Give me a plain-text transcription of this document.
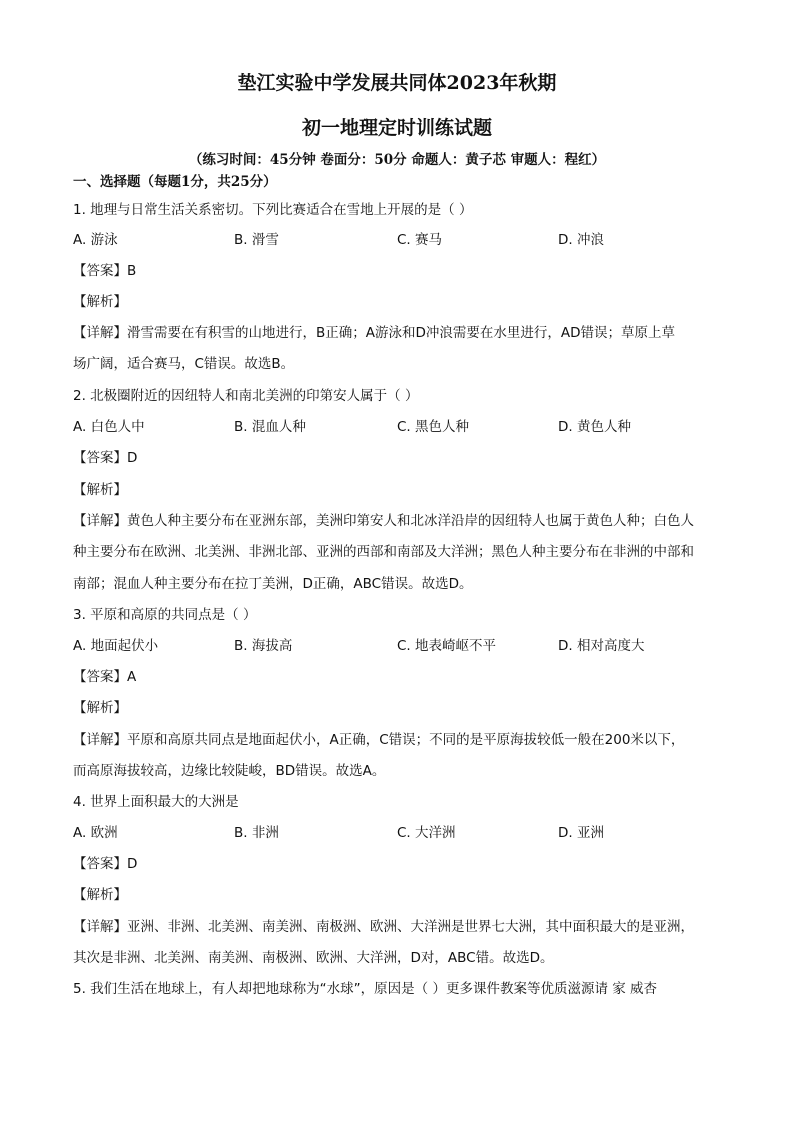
垫江实验中学发展共同体2023年秋期
初一地理定时训练试题
（练习时间：45分钟 卷面分：50分 命题人：黄子芯 审题人：程红）
一、选择题（每题1分，共25分）
1. 地理与日常生活关系密切。下列比赛适合在雪地上开展的是（ ）
A. 游泳	B. 滑雪	C. 赛马	D. 冲浪
【答案】B
【解析】
【详解】滑雪需要在有积雪的山地进行，B正确；A游泳和D冲浪需要在水里进行，AD错误；草原上草
场广阔，适合赛马，C错误。故选B。
2. 北极圈附近的因纽特人和南北美洲的印第安人属于（ ）
A. 白色人中	B. 混血人种	C. 黑色人种	D. 黄色人种
【答案】D
【解析】
【详解】黄色人种主要分布在亚洲东部，美洲印第安人和北冰洋沿岸的因纽特人也属于黄色人种；白色人
种主要分布在欧洲、北美洲、非洲北部、亚洲的西部和南部及大洋洲；黑色人种主要分布在非洲的中部和
南部；混血人种主要分布在拉丁美洲，D正确，ABC错误。故选D。
3. 平原和高原的共同点是（ ）
A. 地面起伏小	B. 海拔高	C. 地表崎岖不平	D. 相对高度大
【答案】A
【解析】
【详解】平原和高原共同点是地面起伏小，A正确，C错误；不同的是平原海拔较低一般在200米以下，
而高原海拔较高，边缘比较陡峻，BD错误。故选A。
4. 世界上面积最大的大洲是
A. 欧洲	B. 非洲	C. 大洋洲	D. 亚洲
【答案】D
【解析】
【详解】亚洲、非洲、北美洲、南美洲、南极洲、欧洲、大洋洲是世界七大洲，其中面积最大的是亚洲，
其次是非洲、北美洲、南美洲、南极洲、欧洲、大洋洲，D对，ABC错。故选D。
5. 我们生活在地球上，有人却把地球称为“水球”，原因是（ ）更多课件教案等优质滋源请 家 威杏
